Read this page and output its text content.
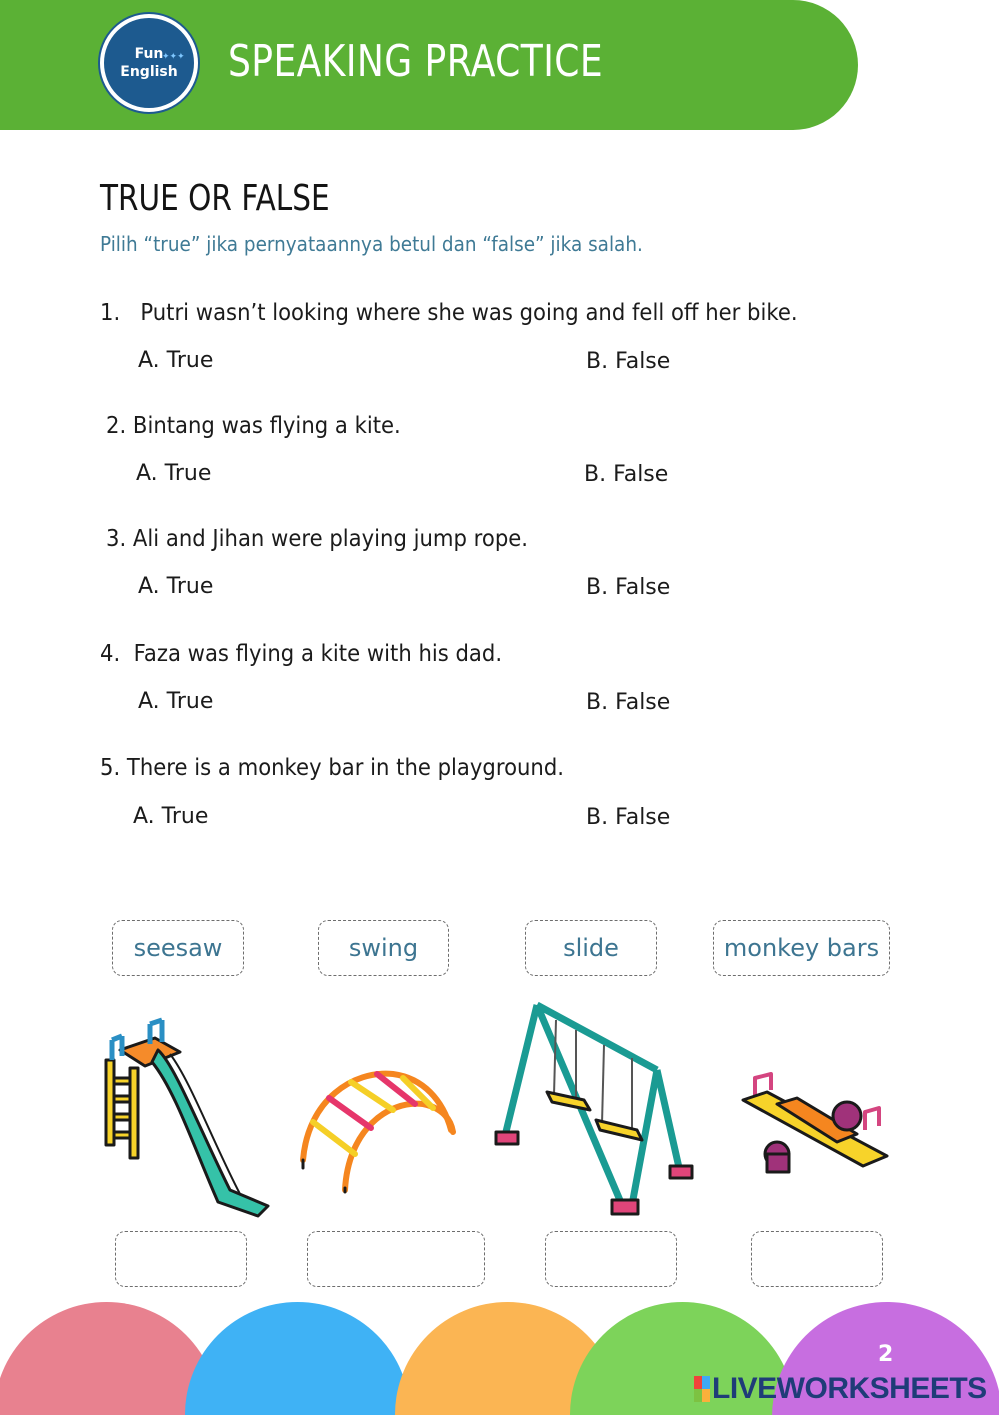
Fun
English
✦✦✦ SPEAKING PRACTICE
TRUE OR FALSE
Pilih “true” jika pernyataannya betul dan “false” jika salah.
1. Putri wasn’t looking where she was going and fell off her bike.
A. True	B. False
2. Bintang was flying a kite.
A. True	B. False
3. Ali and Jihan were playing jump rope.
A. True	B. False
4. Faza was flying a kite with his dad.
A. True	B. False
5. There is a monkey bar in the playground.
A. True	B. False
seesaw	swing	slide	monkey bars
2
LIVEWORKSHEETS
